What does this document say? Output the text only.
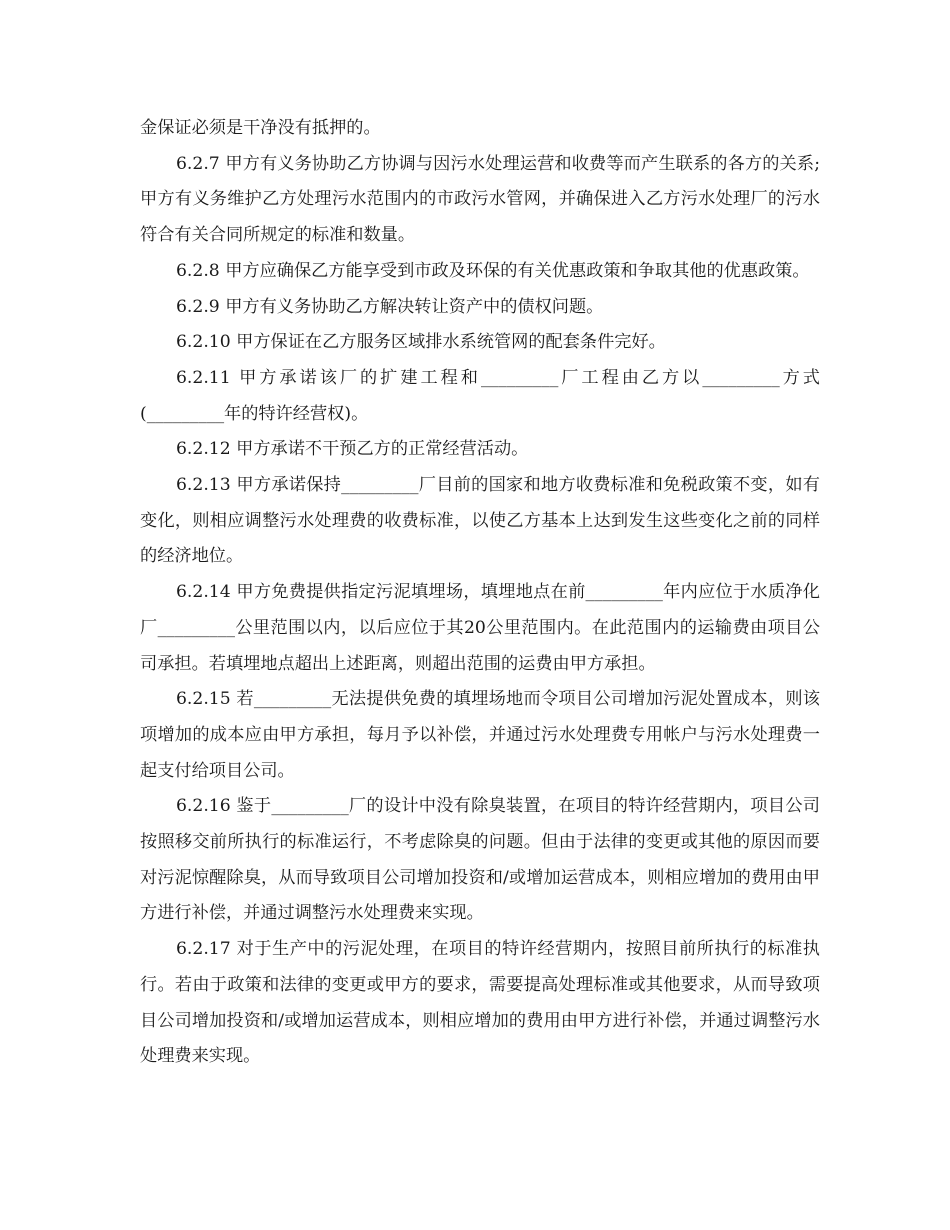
金保证必须是干净没有抵押的。

6.2.7 甲方有义务协助乙方协调与因污水处理运营和收费等而产生联系的各方的关系;甲方有义务维护乙方处理污水范围内的市政污水管网，并确保进入乙方污水处理厂的污水符合有关合同所规定的标准和数量。

6.2.8 甲方应确保乙方能享受到市政及环保的有关优惠政策和争取其他的优惠政策。

6.2.9 甲方有义务协助乙方解决转让资产中的债权问题。

6.2.10 甲方保证在乙方服务区域排水系统管网的配套条件完好。

6.2.11 甲方承诺该厂的扩建工程和_________厂工程由乙方以_________方式(_________年的特许经营权)。

6.2.12 甲方承诺不干预乙方的正常经营活动。

6.2.13 甲方承诺保持_________厂目前的国家和地方收费标准和免税政策不变，如有变化，则相应调整污水处理费的收费标准，以使乙方基本上达到发生这些变化之前的同样的经济地位。

6.2.14 甲方免费提供指定污泥填埋场，填埋地点在前_________年内应位于水质净化厂_________公里范围以内，以后应位于其20公里范围内。在此范围内的运输费由项目公司承担。若填埋地点超出上述距离，则超出范围的运费由甲方承担。

6.2.15 若_________无法提供免费的填埋场地而令项目公司增加污泥处置成本，则该项增加的成本应由甲方承担，每月予以补偿，并通过污水处理费专用帐户与污水处理费一起支付给项目公司。

6.2.16 鉴于_________厂的设计中没有除臭装置，在项目的特许经营期内，项目公司按照移交前所执行的标准运行，不考虑除臭的问题。但由于法律的变更或其他的原因而要对污泥惊醒除臭，从而导致项目公司增加投资和/或增加运营成本，则相应增加的费用由甲方进行补偿，并通过调整污水处理费来实现。

6.2.17 对于生产中的污泥处理，在项目的特许经营期内，按照目前所执行的标准执行。若由于政策和法律的变更或甲方的要求，需要提高处理标准或其他要求，从而导致项目公司增加投资和/或增加运营成本，则相应增加的费用由甲方进行补偿，并通过调整污水处理费来实现。
